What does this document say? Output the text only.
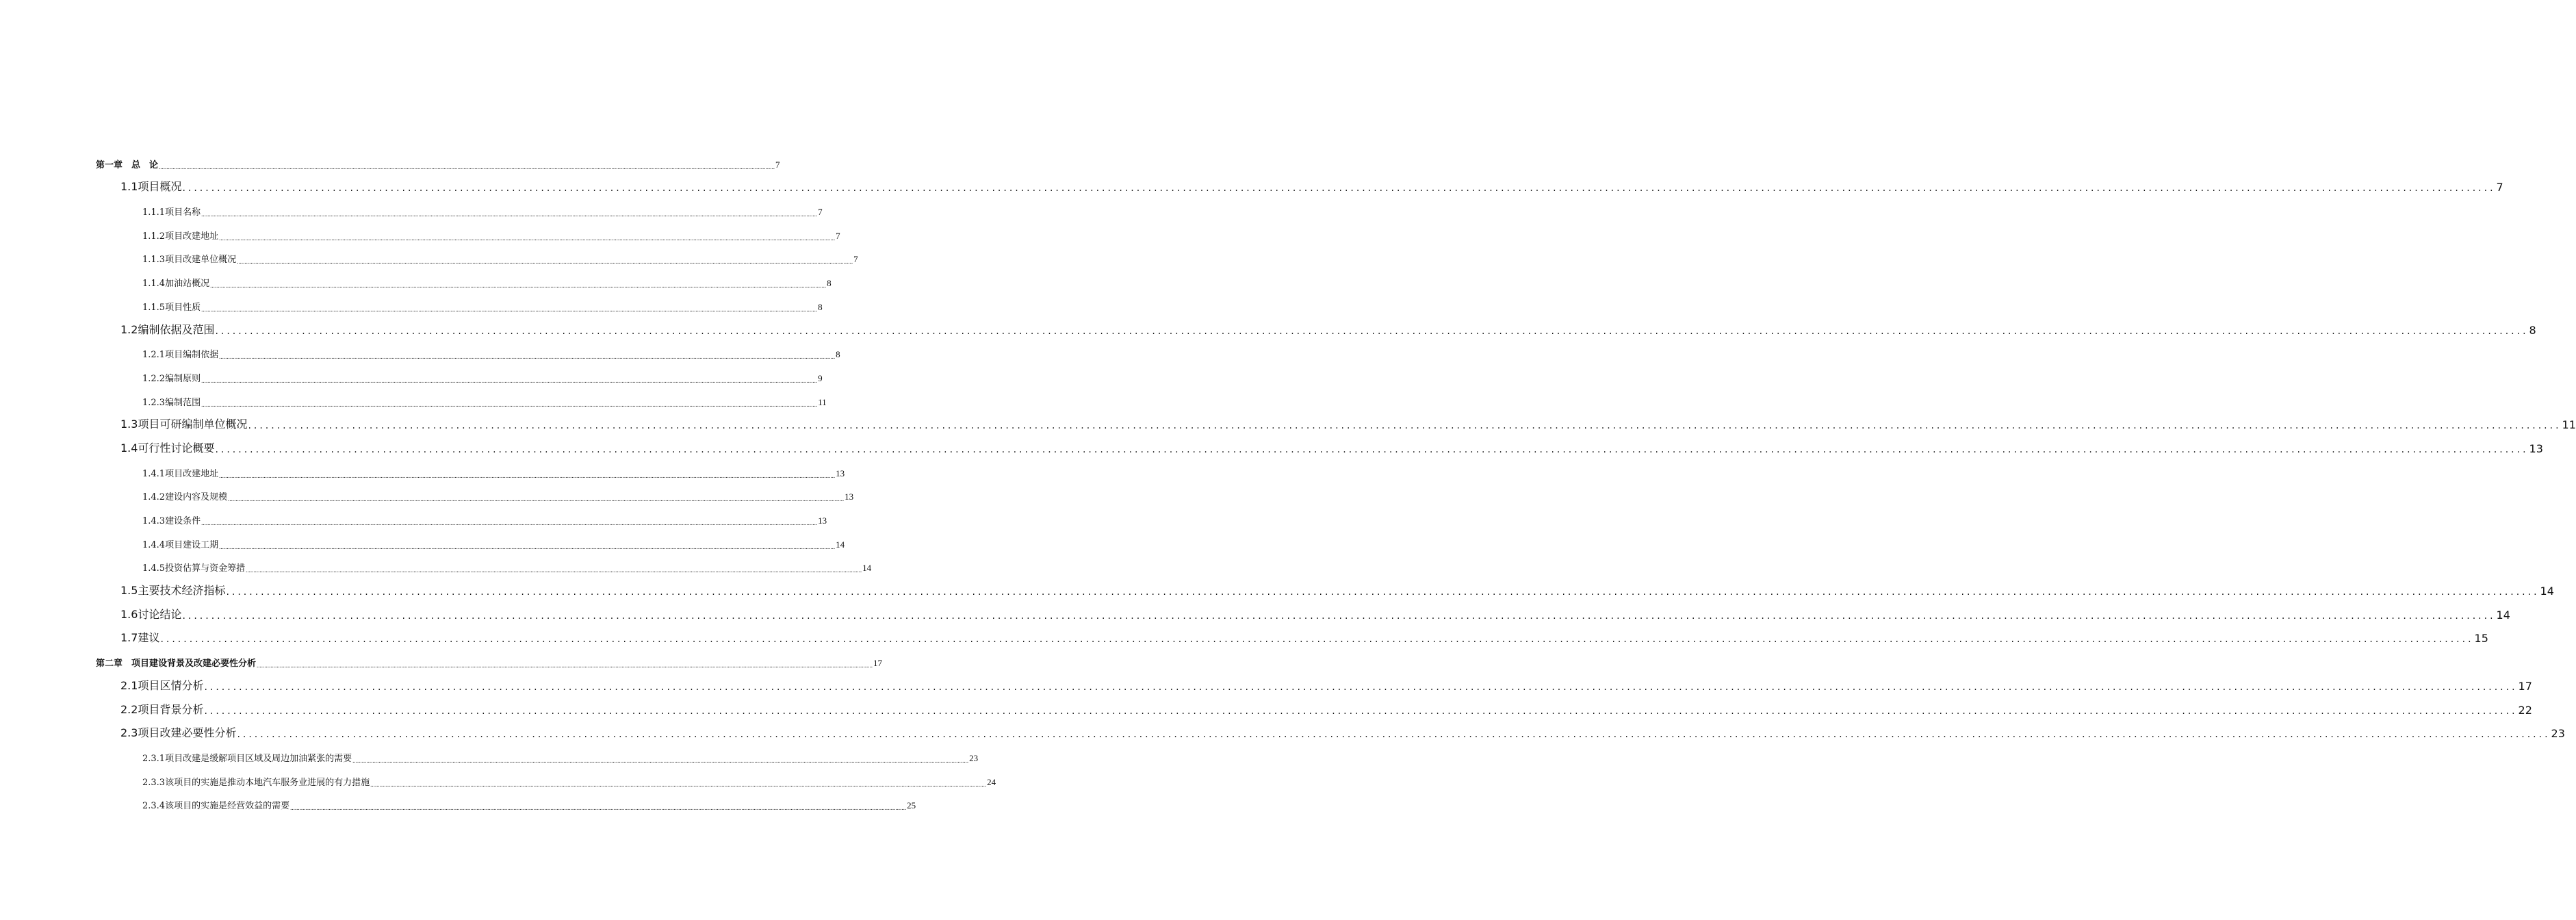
第一章　总　论 ................................................................................................................................................................................................................................................................................................................................................................................................................ 7
1.1项目概况 ................................................................................................................................................................................................................................................................................................................................................................................................................ 7
1.1.1项目名称 ................................................................................................................................................................................................................................................................................................................................................................................................................ 7
1.1.2项目改建地址 ................................................................................................................................................................................................................................................................................................................................................................................................................ 7
1.1.3项目改建单位概况 ................................................................................................................................................................................................................................................................................................................................................................................................................ 7
1.1.4加油站概况 ................................................................................................................................................................................................................................................................................................................................................................................................................ 8
1.1.5项目性质 ................................................................................................................................................................................................................................................................................................................................................................................................................ 8
1.2编制依据及范围 ................................................................................................................................................................................................................................................................................................................................................................................................................ 8
1.2.1项目编制依据 ................................................................................................................................................................................................................................................................................................................................................................................................................ 8
1.2.2编制原则 ................................................................................................................................................................................................................................................................................................................................................................................................................ 9
1.2.3编制范围 ................................................................................................................................................................................................................................................................................................................................................................................................................ 11
1.3项目可研编制单位概况 ................................................................................................................................................................................................................................................................................................................................................................................................................ 11
1.4可行性讨论概要 ................................................................................................................................................................................................................................................................................................................................................................................................................ 13
1.4.1项目改建地址 ................................................................................................................................................................................................................................................................................................................................................................................................................ 13
1.4.2建设内容及规模 ................................................................................................................................................................................................................................................................................................................................................................................................................ 13
1.4.3建设条件 ................................................................................................................................................................................................................................................................................................................................................................................................................ 13
1.4.4项目建设工期 ................................................................................................................................................................................................................................................................................................................................................................................................................ 14
1.4.5投资估算与资金筹措 ................................................................................................................................................................................................................................................................................................................................................................................................................ 14
1.5主要技术经济指标 ................................................................................................................................................................................................................................................................................................................................................................................................................ 14
1.6讨论结论 ................................................................................................................................................................................................................................................................................................................................................................................................................ 14
1.7建议 ................................................................................................................................................................................................................................................................................................................................................................................................................ 15
第二章　项目建设背景及改建必要性分析 ................................................................................................................................................................................................................................................................................................................................................................................................................ 17
2.1项目区情分析 ................................................................................................................................................................................................................................................................................................................................................................................................................ 17
2.2项目背景分析 ................................................................................................................................................................................................................................................................................................................................................................................................................ 22
2.3项目改建必要性分析 ................................................................................................................................................................................................................................................................................................................................................................................................................ 23
2.3.1项目改建是缓解项目区域及周边加油紧张的需要 ................................................................................................................................................................................................................................................................................................................................................................................................................ 23
2.3.3该项目的实施是推动本地汽车服务业进展的有力措施 ................................................................................................................................................................................................................................................................................................................................................................................................................ 24
2.3.4该项目的实施是经营效益的需要 ................................................................................................................................................................................................................................................................................................................................................................................................................ 25
